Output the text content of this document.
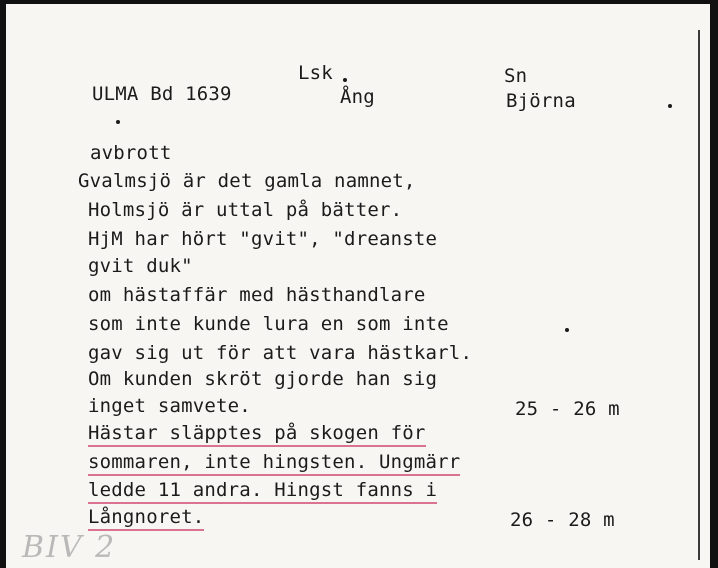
ULMA Bd 1639
Lsk
Ång
Sn
Björna
avbrott
Gvalmsjö är det gamla namnet,
Holmsjö är uttal på bätter.
HjM har hört "gvit", "dreanste
gvit duk"
om hästaffär med hästhandlare
som inte kunde lura en som inte
gav sig ut för att vara hästkarl.
Om kunden skröt gjorde han sig
inget samvete.
Hästar släpptes på skogen för
sommaren, inte hingsten. Ungmärr
ledde 11 andra. Hingst fanns i
Långnoret.
25 - 26 m
26 - 28 m
BIV 2
